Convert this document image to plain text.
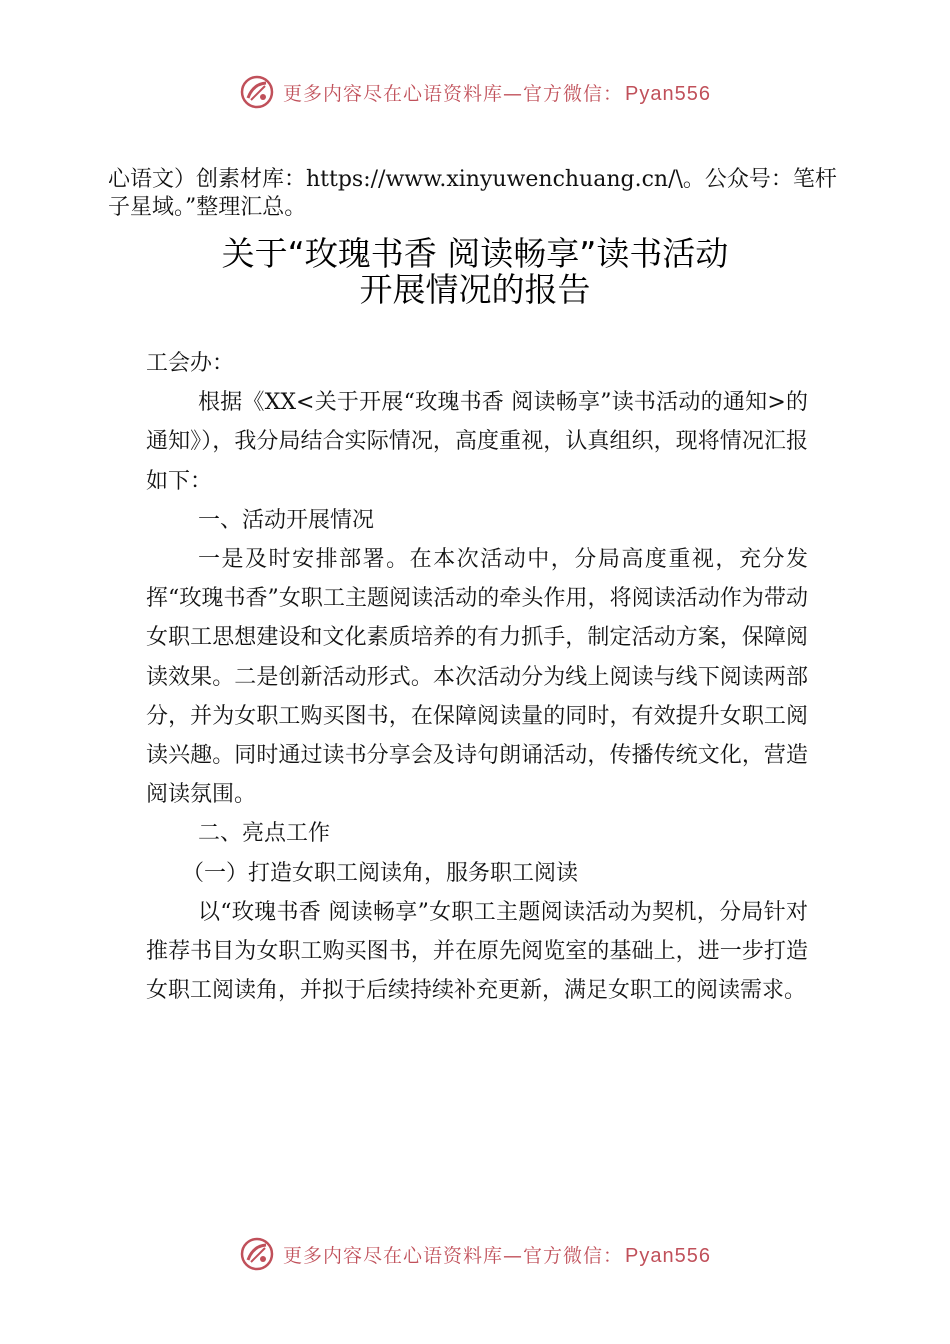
更多内容尽在心语资料库—官方微信： Pyan556

心语文）创素材库：https://www.xinyuwenchuang.cn/\。公众号：笔杆子星域。”整理汇总。

关于“玫瑰书香 阅读畅享”读书活动
开展情况的报告

工会办：

根据《XX<关于开展“玫瑰书香 阅读畅享”读书活动的通知>的通知》），我分局结合实际情况，高度重视，认真组织，现将情况汇报如下：

一、活动开展情况

一是及时安排部署。在本次活动中，分局高度重视，充分发挥“玫瑰书香”女职工主题阅读活动的牵头作用，将阅读活动作为带动女职工思想建设和文化素质培养的有力抓手，制定活动方案，保障阅读效果。二是创新活动形式。本次活动分为线上阅读与线下阅读两部分，并为女职工购买图书，在保障阅读量的同时，有效提升女职工阅读兴趣。同时通过读书分享会及诗句朗诵活动，传播传统文化，营造阅读氛围。

二、亮点工作

（一）打造女职工阅读角，服务职工阅读

以“玫瑰书香 阅读畅享”女职工主题阅读活动为契机，分局针对推荐书目为女职工购买图书，并在原先阅览室的基础上，进一步打造女职工阅读角，并拟于后续持续补充更新，满足女职工的阅读需求。

更多内容尽在心语资料库—官方微信： Pyan556
